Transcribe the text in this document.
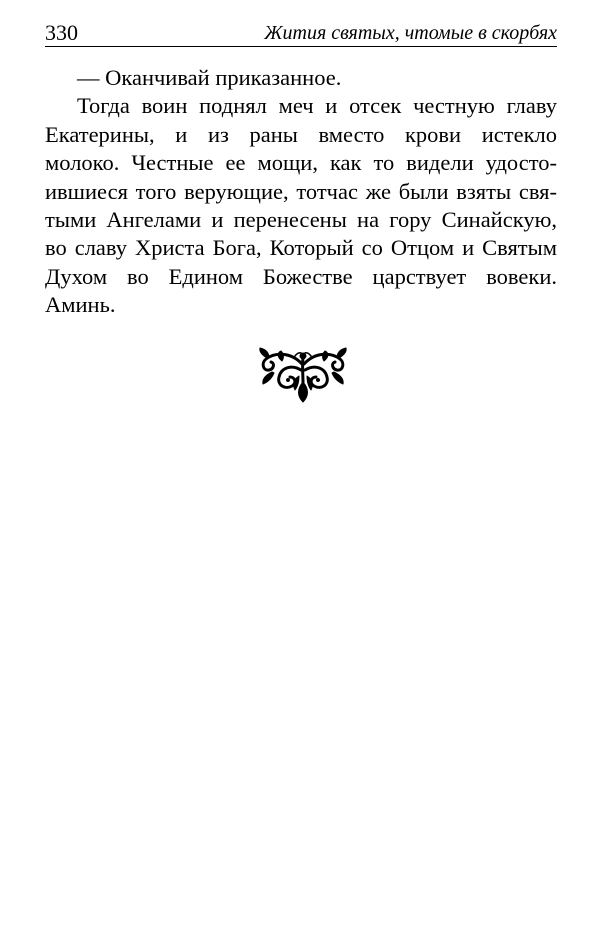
330	Жития святых, чтомые в скорбях
— Оканчивай приказанное.
Тогда воин поднял меч и отсек честную главу
Екатерины, и из раны вместо крови истекло
молоко. Честные ее мощи, как то видели удосто-
ившиеся того верующие, тотчас же были взяты свя-
тыми Ангелами и перенесены на гору Синайскую,
во славу Христа Бога, Который со Отцом и Святым
Духом во Едином Божестве царствует вовеки.
Аминь.
